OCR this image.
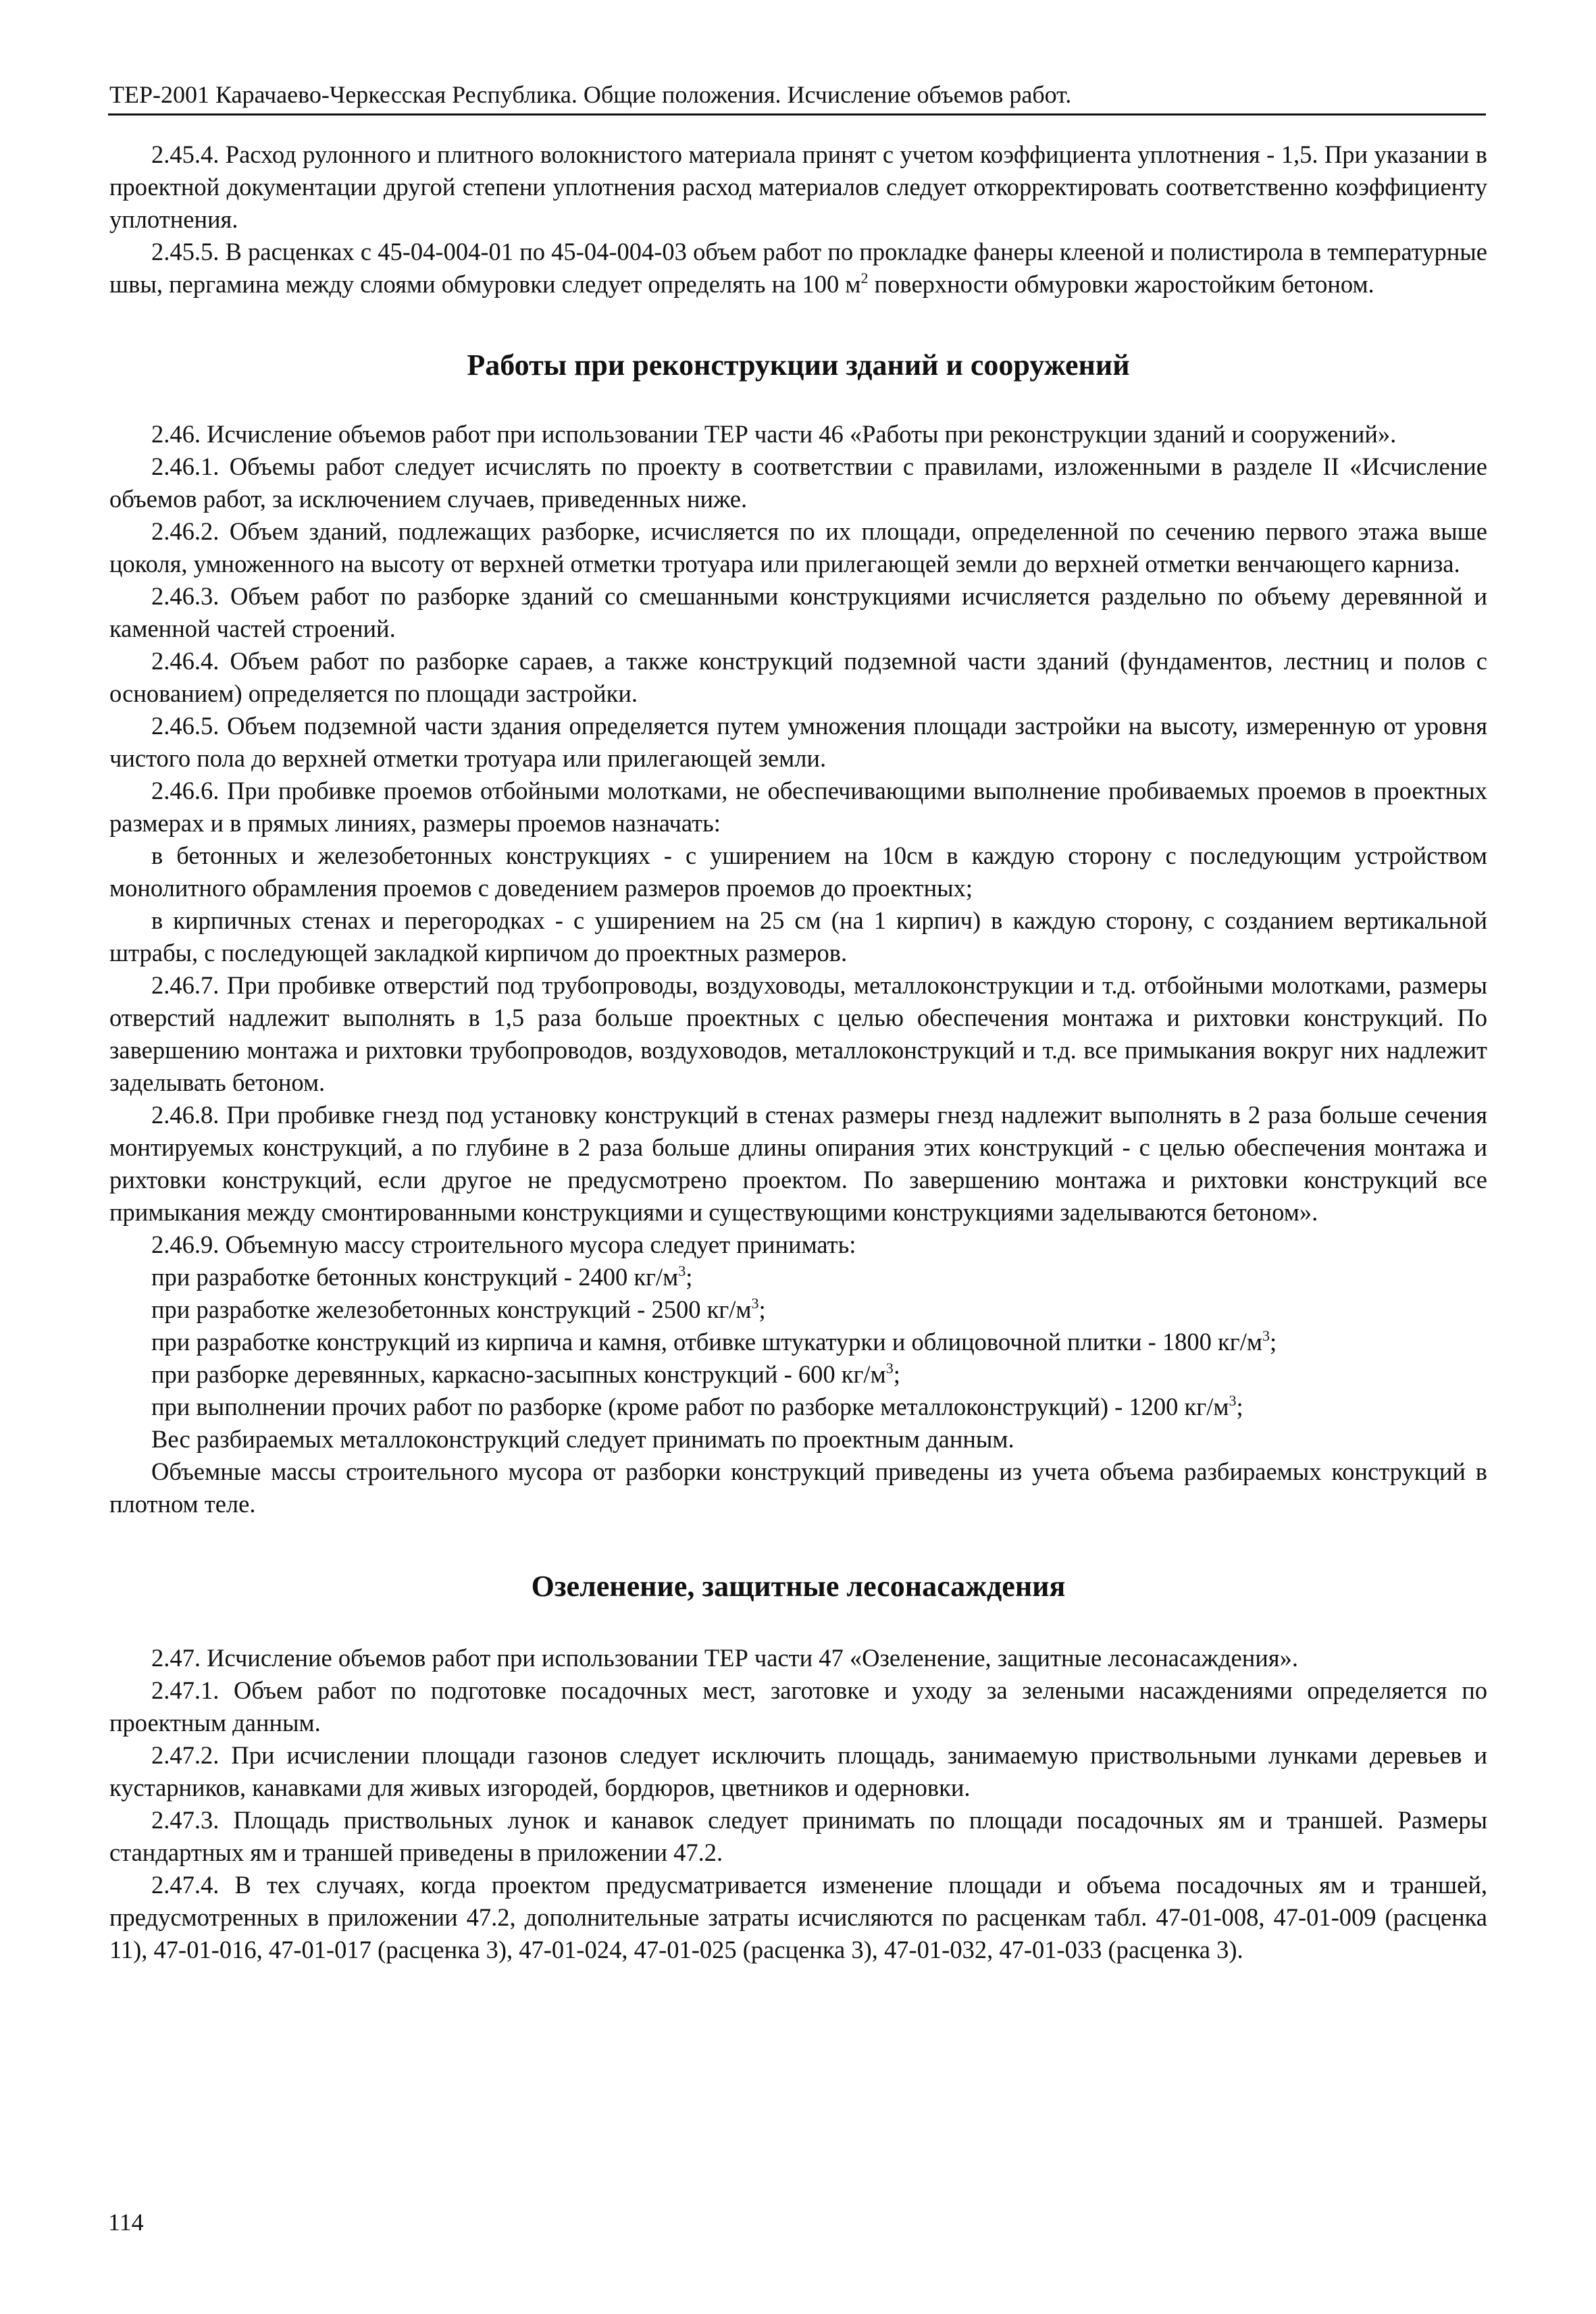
ТЕР-2001 Карачаево-Черкесская Республика. Общие положения. Исчисление объемов работ.

2.45.4. Расход рулонного и плитного волокнистого материала принят с учетом коэффициента уплотнения - 1,5. При указании в проектной документации другой степени уплотнения расход материалов следует откорректировать соответственно коэффициенту уплотнения.

2.45.5. В расценках с 45-04-004-01 по 45-04-004-03 объем работ по прокладке фанеры клееной и полистирола в температурные швы, пергамина между слоями обмуровки следует определять на 100 $м^2$ поверхности обмуровки жаростойким бетоном.

Работы при реконструкции зданий и сооружений

2.46. Исчисление объемов работ при использовании ТЕР части 46 «Работы при реконструкции зданий и сооружений».

2.46.1. Объемы работ следует исчислять по проекту в соответствии с правилами, изложенными в разделе II «Исчисление объемов работ, за исключением случаев, приведенных ниже.

2.46.2. Объем зданий, подлежащих разборке, исчисляется по их площади, определенной по сечению первого этажа выше цоколя, умноженного на высоту от верхней отметки тротуара или прилегающей земли до верхней отметки венчающего карниза.

2.46.3. Объем работ по разборке зданий со смешанными конструкциями исчисляется раздельно по объему деревянной и каменной частей строений.

2.46.4. Объем работ по разборке сараев, а также конструкций подземной части зданий (фундаментов, лестниц и полов с основанием) определяется по площади застройки.

2.46.5. Объем подземной части здания определяется путем умножения площади застройки на высоту, измеренную от уровня чистого пола до верхней отметки тротуара или прилегающей земли.

2.46.6. При пробивке проемов отбойными молотками, не обеспечивающими выполнение пробиваемых проемов в проектных размерах и в прямых линиях, размеры проемов назначать:

в бетонных и железобетонных конструкциях - с уширением на 10см в каждую сторону с последующим устройством монолитного обрамления проемов с доведением размеров проемов до проектных;

в кирпичных стенах и перегородках - с уширением на 25 см (на 1 кирпич) в каждую сторону, с созданием вертикальной штрабы, с последующей закладкой кирпичом до проектных размеров.

2.46.7. При пробивке отверстий под трубопроводы, воздуховоды, металлоконструкции и т.д. отбойными молотками, размеры отверстий надлежит выполнять в 1,5 раза больше проектных с целью обеспечения монтажа и рихтовки конструкций. По завершению монтажа и рихтовки трубопроводов, воздуховодов, металлоконструкций и т.д. все примыкания вокруг них надлежит заделывать бетоном.

2.46.8. При пробивке гнезд под установку конструкций в стенах размеры гнезд надлежит выполнять в 2 раза больше сечения монтируемых конструкций, а по глубине в 2 раза больше длины опирания этих конструкций - с целью обеспечения монтажа и рихтовки конструкций, если другое не предусмотрено проектом. По завершению монтажа и рихтовки конструкций все примыкания между смонтированными конструкциями и существующими конструкциями заделываются бетоном».

2.46.9. Объемную массу строительного мусора следует принимать:

при разработке бетонных конструкций - 2400 $кг/м^3$;

при разработке железобетонных конструкций - 2500 $кг/м^3$;

при разработке конструкций из кирпича и камня, отбивке штукатурки и облицовочной плитки - 1800 $кг/м^3$;

при разборке деревянных, каркасно-засыпных конструкций - 600 $кг/м^3$;

при выполнении прочих работ по разборке (кроме работ по разборке металлоконструкций) - 1200 $кг/м^3$;

Вес разбираемых металлоконструкций следует принимать по проектным данным.

Объемные массы строительного мусора от разборки конструкций приведены из учета объема разбираемых конструкций в плотном теле.

Озеленение, защитные лесонасаждения

2.47. Исчисление объемов работ при использовании ТЕР части 47 «Озеленение, защитные лесонасаждения».

2.47.1. Объем работ по подготовке посадочных мест, заготовке и уходу за зелеными насаждениями определяется по проектным данным.

2.47.2. При исчислении площади газонов следует исключить площадь, занимаемую приствольными лунками деревьев и кустарников, канавками для живых изгородей, бордюров, цветников и одерновки.

2.47.3. Площадь приствольных лунок и канавок следует принимать по площади посадочных ям и траншей. Размеры стандартных ям и траншей приведены в приложении 47.2.

2.47.4. В тех случаях, когда проектом предусматривается изменение площади и объема посадочных ям и траншей, предусмотренных в приложении 47.2, дополнительные затраты исчисляются по расценкам табл. 47-01-008, 47-01-009 (расценка 11), 47-01-016, 47-01-017 (расценка 3), 47-01-024, 47-01-025 (расценка 3), 47-01-032, 47-01-033 (расценка 3).

114
